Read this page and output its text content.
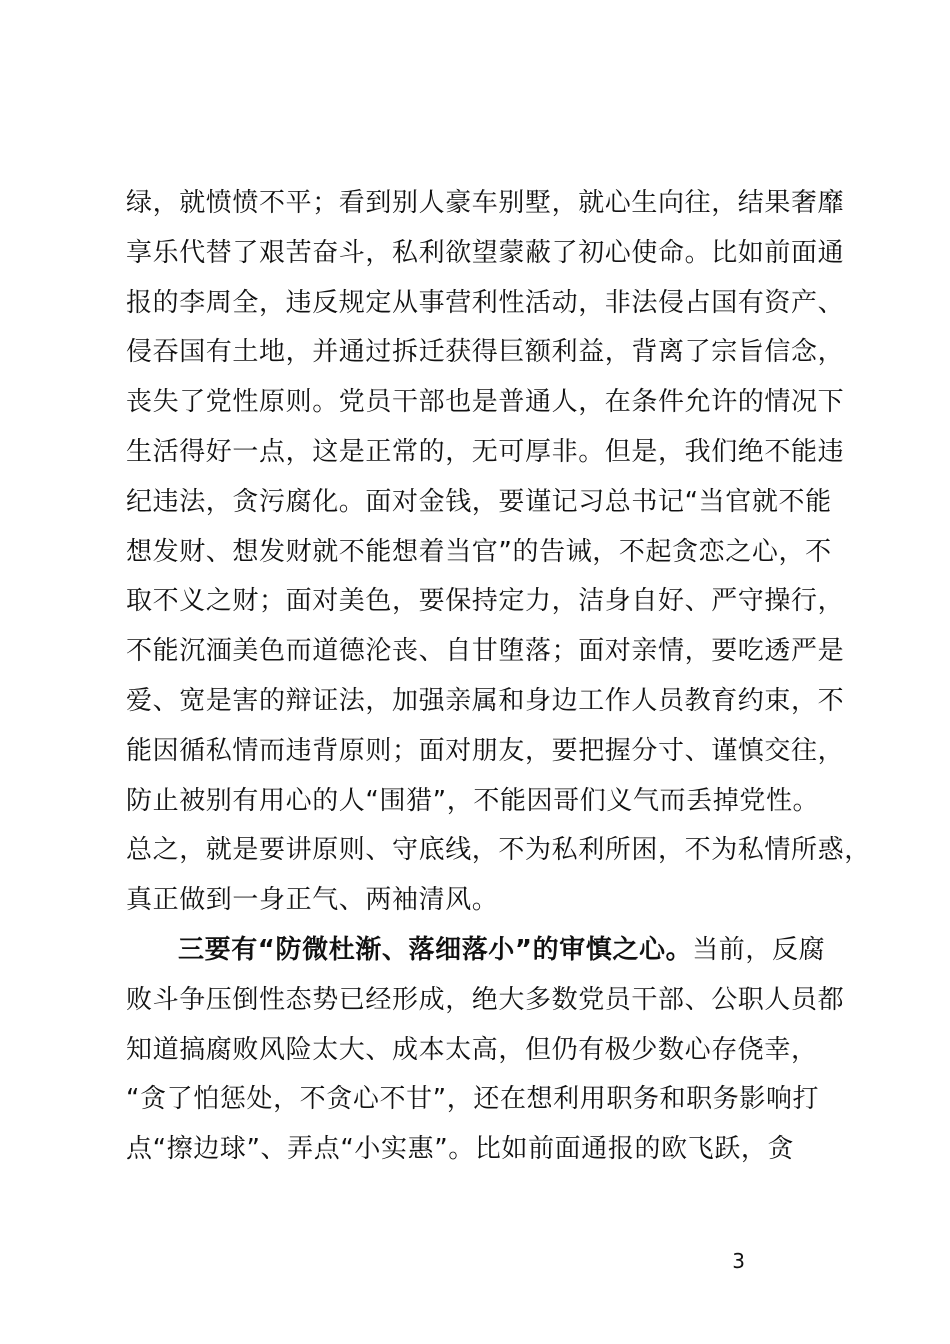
绿，就愤愤不平；看到别人豪车别墅，就心生向往，结果奢靡
享乐代替了艰苦奋斗，私利欲望蒙蔽了初心使命。比如前面通
报的李周全，违反规定从事营利性活动，非法侵占国有资产、
侵吞国有土地，并通过拆迁获得巨额利益，背离了宗旨信念，
丧失了党性原则。党员干部也是普通人，在条件允许的情况下
生活得好一点，这是正常的，无可厚非。但是，我们绝不能违
纪违法，贪污腐化。面对金钱，要谨记习总书记“当官就不能
想发财、想发财就不能想着当官”的告诫，不起贪恋之心，不
取不义之财；面对美色，要保持定力，洁身自好、严守操行，
不能沉湎美色而道德沦丧、自甘堕落；面对亲情，要吃透严是
爱、宽是害的辩证法，加强亲属和身边工作人员教育约束，不
能因循私情而违背原则；面对朋友，要把握分寸、谨慎交往，
防止被别有用心的人“围猎”，不能因哥们义气而丢掉党性。
总之，就是要讲原则、守底线，不为私利所困，不为私情所惑，
真正做到一身正气、两袖清风。
三要有“防微杜渐、落细落小”的审慎之心。当前，反腐
败斗争压倒性态势已经形成，绝大多数党员干部、公职人员都
知道搞腐败风险太大、成本太高，但仍有极少数心存侥幸，
“贪了怕惩处，不贪心不甘”，还在想利用职务和职务影响打
点“擦边球”、弄点“小实惠”。比如前面通报的欧飞跃，贪
3
